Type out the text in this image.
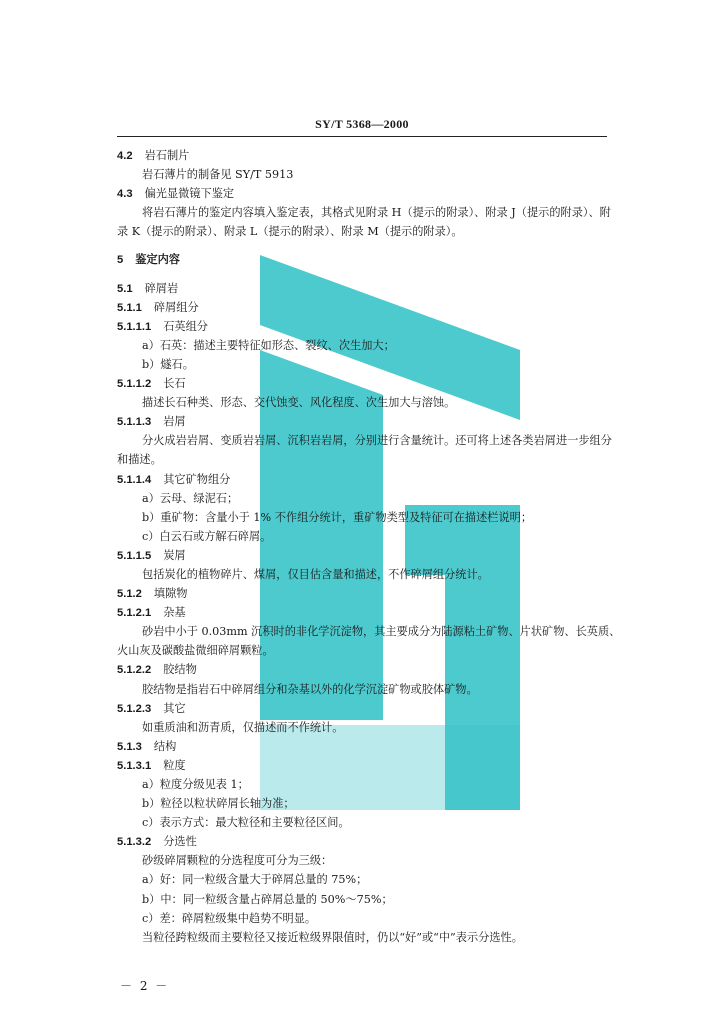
SY/T 5368—2000
4.2 岩石制片
岩石薄片的制备见 SY/T 5913
4.3 偏光显微镜下鉴定
将岩石薄片的鉴定内容填入鉴定表，其格式见附录 H（提示的附录）、附录 J（提示的附录）、附
录 K（提示的附录）、附录 L（提示的附录）、附录 M（提示的附录）。
5 鉴定内容
5.1 碎屑岩
5.1.1 碎屑组分
5.1.1.1 石英组分
a）石英：描述主要特征如形态、裂纹、次生加大；
b）燧石。
5.1.1.2 长石
描述长石种类、形态、交代蚀变、风化程度、次生加大与溶蚀。
5.1.1.3 岩屑
分火成岩岩屑、变质岩岩屑、沉积岩岩屑，分别进行含量统计。还可将上述各类岩屑进一步组分
和描述。
5.1.1.4 其它矿物组分
a）云母、绿泥石；
b）重矿物：含量小于 1% 不作组分统计，重矿物类型及特征可在描述栏说明；
c）白云石或方解石碎屑。
5.1.1.5 炭屑
包括炭化的植物碎片、煤屑，仅目估含量和描述，不作碎屑组分统计。
5.1.2 填隙物
5.1.2.1 杂基
砂岩中小于 0.03mm 沉积时的非化学沉淀物，其主要成分为陆源粘土矿物、片状矿物、长英质、
火山灰及碳酸盐微细碎屑颗粒。
5.1.2.2 胶结物
胶结物是指岩石中碎屑组分和杂基以外的化学沉淀矿物或胶体矿物。
5.1.2.3 其它
如重质油和沥青质，仅描述而不作统计。
5.1.3 结构
5.1.3.1 粒度
a）粒度分级见表 1；
b）粒径以粒状碎屑长轴为准；
c）表示方式：最大粒径和主要粒径区间。
5.1.3.2 分选性
砂级碎屑颗粒的分选程度可分为三级：
a）好：同一粒级含量大于碎屑总量的 75%；
b）中：同一粒级含量占碎屑总量的 50%～75%；
c）差：碎屑粒级集中趋势不明显。
当粒径跨粒级而主要粒径又接近粒级界限值时，仍以“好”或“中”表示分选性。
－ 2 －
